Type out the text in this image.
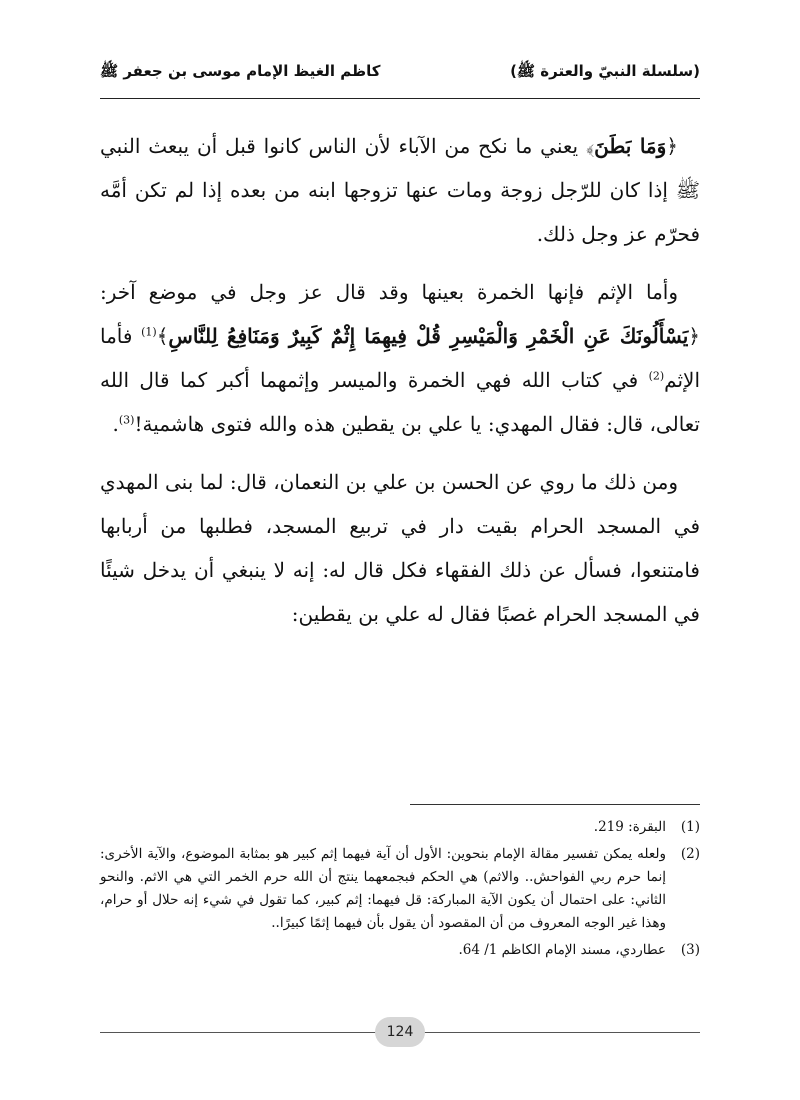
(سلسلة النبيّ والعترة ﷺ)
كاظم الغيظ الإمام موسى بن جعفر ﷺ

﴿وَمَا بَطَنَ﴾ يعني ما نكح من الآباء لأن الناس كانوا قبل أن يبعث النبي ﷺ إذا كان للرّجل زوجة ومات عنها تزوجها ابنه من بعده إذا لم تكن أمَّه فحرّم عز وجل ذلك.

وأما الإثم فإنها الخمرة بعينها وقد قال عز وجل في موضع آخر: ﴿يَسْأَلُونَكَ عَنِ الْخَمْرِ وَالْمَيْسِرِ قُلْ فِيهِمَا إِثْمٌ كَبِيرٌ وَمَنَافِعُ لِلنَّاسِ﴾$^{(1)}$ فأما الإثم$^{(2)}$ في كتاب الله فهي الخمرة والميسر وإثمهما أكبر كما قال الله تعالى، قال: فقال المهدي: يا علي بن يقطين هذه والله فتوى هاشمية!$^{(3)}$.

ومن ذلك ما روي عن الحسن بن علي بن النعمان، قال: لما بنى المهدي في المسجد الحرام بقيت دار في تربيع المسجد، فطلبها من أربابها فامتنعوا، فسأل عن ذلك الفقهاء فكل قال له: إنه لا ينبغي أن يدخل شيئًا في المسجد الحرام غصبًا فقال له علي بن يقطين:

(1)
البقرة: 219.
(2)
ولعله يمكن تفسير مقالة الإمام بنحوين: الأول أن آية فيهما إثم كبير هو بمثابة الموضوع، والآية الأخرى: إنما حرم ربي الفواحش.. والاثم) هي الحكم فبجمعهما ينتج أن الله حرم الخمر التي هي الاثم. والنحو الثاني: على احتمال أن يكون الآية المباركة: قل فيهما: إثم كبير، كما تقول في شيء إنه حلال أو حرام، وهذا غير الوجه المعروف من أن المقصود أن يقول بأن فيهما إثمًا كبيرًا..
(3)
عطاردي، مسند الإمام الكاظم 1/ 64.
124
